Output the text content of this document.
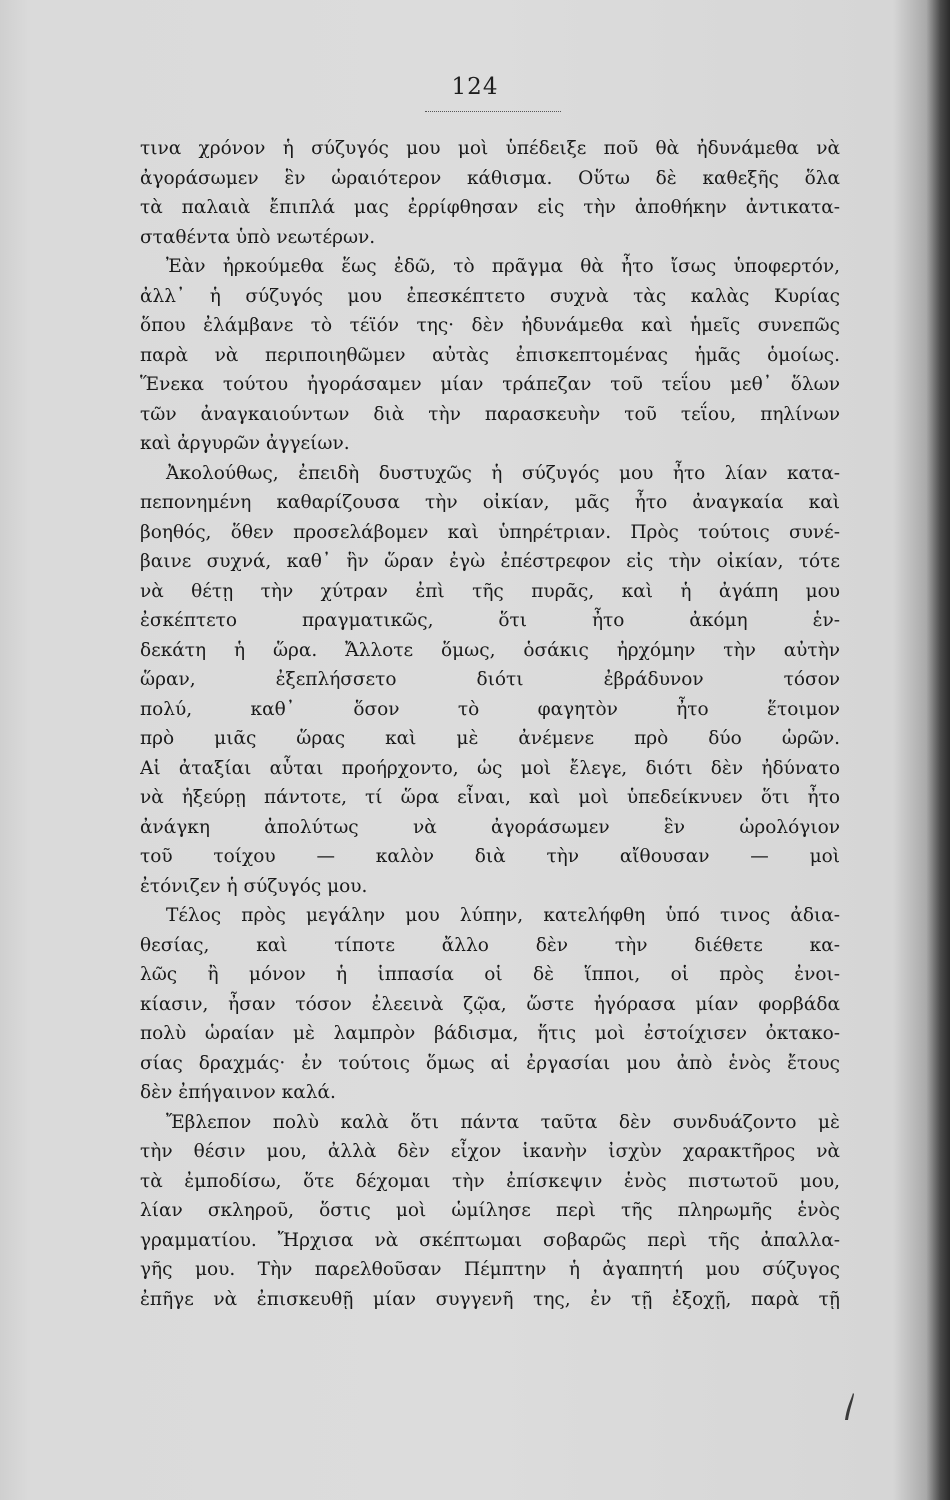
124
τινα χρόνον ἡ σύζυγός μου μοὶ ὑπέδειξε ποῦ θὰ ἠδυνάμεθα νὰ
ἀγοράσωμεν ἓν ὡραιότερον κάθισμα. Οὕτω δὲ καθεξῆς ὅλα
τὰ παλαιὰ ἔπιπλά μας ἐρρίφθησαν εἰς τὴν ἀποθήκην ἀντικατα-
σταθέντα ὑπὸ νεωτέρων.
Ἐὰν ἠρκούμεθα ἕως ἐδῶ, τὸ πρᾶγμα θὰ ἦτο ἴσως ὑποφερτόν,
ἀλλ᾽ ἡ σύζυγός μου ἐπεσκέπτετο συχνὰ τὰς καλὰς Κυρίας
ὅπου ἐλάμβανε τὸ τέϊόν της· δὲν ἠδυνάμεθα καὶ ἡμεῖς συνεπῶς
παρὰ νὰ περιποιηθῶμεν αὐτὰς ἐπισκεπτομένας ἡμᾶς ὁμοίως.
Ἕνεκα τούτου ἠγοράσαμεν μίαν τράπεζαν τοῦ τεΐου μεθ᾽ ὅλων
τῶν ἀναγκαιούντων διὰ τὴν παρασκευὴν τοῦ τεΐου, πηλίνων
καὶ ἀργυρῶν ἀγγείων.
Ἀκολούθως, ἐπειδὴ δυστυχῶς ἡ σύζυγός μου ἦτο λίαν κατα-
πεπονημένη καθαρίζουσα τὴν οἰκίαν, μᾶς ἦτο ἀναγκαία καὶ
βοηθός, ὅθεν προσελάβομεν καὶ ὑπηρέτριαν. Πρὸς τούτοις συνέ-
βαινε συχνά, καθ᾽ ἣν ὥραν ἐγὼ ἐπέστρεφον εἰς τὴν οἰκίαν, τότε
νὰ θέτῃ τὴν χύτραν ἐπὶ τῆς πυρᾶς, καὶ ἡ ἀγάπη μου
ἐσκέπτετο πραγματικῶς, ὅτι ἦτο ἀκόμη ἑν-
δεκάτη ἡ ὥρα. Ἄλλοτε ὅμως, ὁσάκις ἠρχόμην τὴν αὐτὴν
ὥραν, ἐξεπλήσσετο διότι ἐβράδυνον τόσον
πολύ, καθ᾽ ὅσον τὸ φαγητὸν ἦτο ἕτοιμον
πρὸ μιᾶς ὥρας καὶ μὲ ἀνέμενε πρὸ δύο ὡρῶν.
Αἱ ἀταξίαι αὗται προήρχοντο, ὡς μοὶ ἔλεγε, διότι δὲν ἠδύνατο
νὰ ἠξεύρῃ πάντοτε, τί ὥρα εἶναι, καὶ μοὶ ὑπεδείκνυεν ὅτι ἦτο
ἀνάγκη ἀπολύτως νὰ ἀγοράσωμεν ἓν ὡρολόγιον
τοῦ τοίχου — καλὸν διὰ τὴν αἴθουσαν — μοὶ
ἐτόνιζεν ἡ σύζυγός μου.
Τέλος πρὸς μεγάλην μου λύπην, κατελήφθη ὑπό τινος ἀδια-
θεσίας, καὶ τίποτε ἄλλο δὲν τὴν διέθετε κα-
λῶς ἢ μόνον ἡ ἱππασία οἱ δὲ ἵπποι, οἱ πρὸς ἐνοι-
κίασιν, ἦσαν τόσον ἐλεεινὰ ζῷα, ὥστε ἠγόρασα μίαν φορβάδα
πολὺ ὡραίαν μὲ λαμπρὸν βάδισμα, ἥτις μοὶ ἐστοίχισεν ὀκτακο-
σίας δραχμάς· ἐν τούτοις ὅμως αἱ ἐργασίαι μου ἀπὸ ἑνὸς ἔτους
δὲν ἐπήγαινον καλά.
Ἔβλεπον πολὺ καλὰ ὅτι πάντα ταῦτα δὲν συνδυάζοντο μὲ
τὴν θέσιν μου, ἀλλὰ δὲν εἶχον ἱκανὴν ἰσχὺν χαρακτῆρος νὰ
τὰ ἐμποδίσω, ὅτε δέχομαι τὴν ἐπίσκεψιν ἑνὸς πιστωτοῦ μου,
λίαν σκληροῦ, ὅστις μοὶ ὡμίλησε περὶ τῆς πληρωμῆς ἑνὸς
γραμματίου. Ἤρχισα νὰ σκέπτωμαι σοβαρῶς περὶ τῆς ἀπαλλα-
γῆς μου. Τὴν παρελθοῦσαν Πέμπτην ἡ ἀγαπητή μου σύζυγος
ἐπῆγε νὰ ἐπισκευθῇ μίαν συγγενῆ της, ἐν τῇ ἐξοχῇ, παρὰ τῇ
